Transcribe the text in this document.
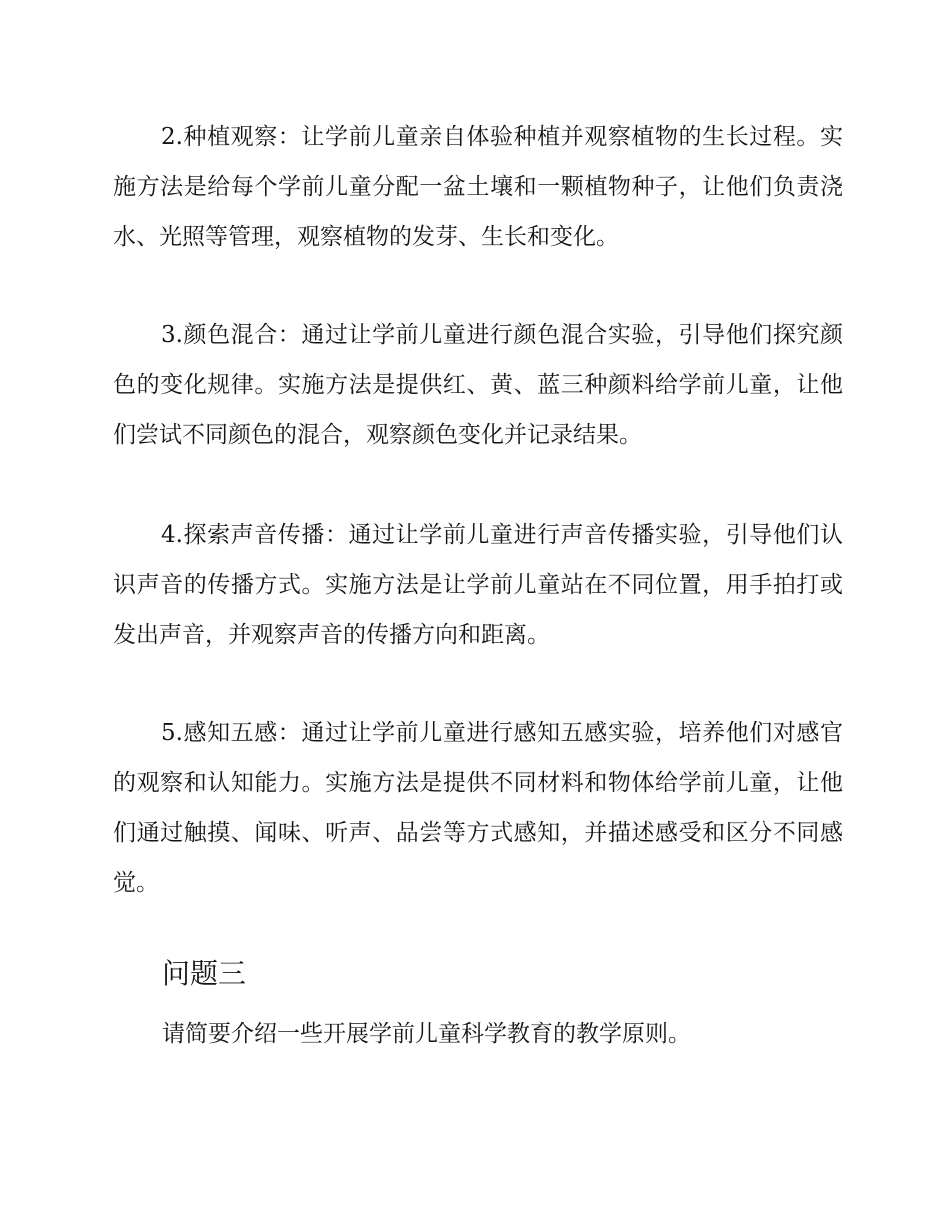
2.种植观察：让学前儿童亲自体验种植并观察植物的生长过程。实施方法是给每个学前儿童分配一盆土壤和一颗植物种子，让他们负责浇水、光照等管理，观察植物的发芽、生长和变化。

3.颜色混合：通过让学前儿童进行颜色混合实验，引导他们探究颜色的变化规律。实施方法是提供红、黄、蓝三种颜料给学前儿童，让他们尝试不同颜色的混合，观察颜色变化并记录结果。

4.探索声音传播：通过让学前儿童进行声音传播实验，引导他们认识声音的传播方式。实施方法是让学前儿童站在不同位置，用手拍打或发出声音，并观察声音的传播方向和距离。

5.感知五感：通过让学前儿童进行感知五感实验，培养他们对感官的观察和认知能力。实施方法是提供不同材料和物体给学前儿童，让他们通过触摸、闻味、听声、品尝等方式感知，并描述感受和区分不同感觉。

问题三

请简要介绍一些开展学前儿童科学教育的教学原则。
